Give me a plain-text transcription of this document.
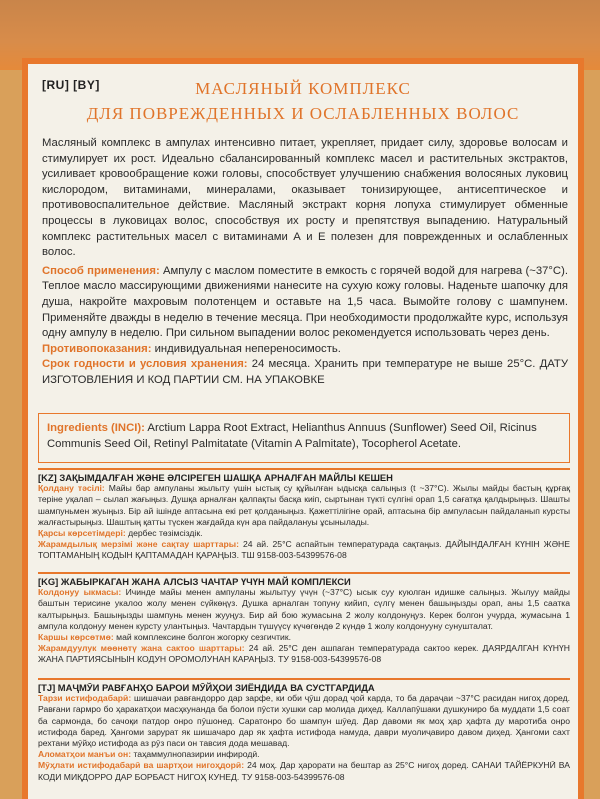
[RU] [BY]	МАСЛЯНЫЙ КОМПЛЕКС
ДЛЯ ПОВРЕЖДЕННЫХ И ОСЛАБЛЕННЫХ ВОЛОС

Масляный комплекс в ампулах интенсивно питает, укрепляет, придает силу, здоровье волосам и стимулирует их рост. Идеально сбалансированный комплекс масел и растительных экстрактов, усиливает кровообращение кожи головы, способствует улучшению снабжения волосяных луковиц кислородом, витаминами, минералами, оказывает тонизирующее, антисептическое и противовоспалительное действие. Масляный экстракт корня лопуха стимулирует обменные процессы в луковицах волос, способствуя их росту и препятствуя выпадению. Натуральный комплекс растительных масел с витаминами А и Е полезен для поврежденных и ослабленных волос.

Способ применения: Ампулу с маслом поместите в емкость с горячей водой для нагрева (~37°С). Теплое масло массирующими движениями нанесите на сухую кожу головы. Наденьте шапочку для душа, накройте махровым полотенцем и оставьте на 1,5 часа. Вымойте голову с шампунем. Применяйте дважды в неделю в течение месяца. При необходимости продолжайте курс, используя одну ампулу в неделю. При сильном выпадении волос рекомендуется использовать через день.

Противопоказания: индивидуальная непереносимость.

Срок годности и условия хранения: 24 месяца. Хранить при температуре не выше 25°С. ДАТУ ИЗГОТОВЛЕНИЯ И КОД ПАРТИИ СМ. НА УПАКОВКЕ

Ingredients (INCI): Arctium Lappa Root Extract, Helianthus Annuus (Sunflower) Seed Oil, Ricinus Communis Seed Oil, Retinyl Palmitatate (Vitamin A Palmitate), Tocopherol Acetate.

[KZ] ЗАҚЫМДАЛҒАН ЖӘНЕ ӘЛСІРЕГЕН ШАШҚА АРНАЛҒАН МАЙЛЫ КЕШЕН

Қолдану тәсілі: Майы бар ампуланы жылыту үшін ыстық су құйылған ыдысқа салыңыз (t ~37°С). Жылы майды бастың құрғақ теріне уқалап – сылап жағыңыз. Душқа арналған қалпақты басқа киіп, сыртынан түкті сүлгіні орап 1,5 сағатқа қалдырыңыз. Шашты шампуньмен жуыңыз. Бір ай ішінде аптасына екі рет қолданыңыз. Қажеттілігіне орай, аптасына бір ампуласын пайдаланып курсты жалғастырыңыз. Шаштың қатты түскен жағдайда күн ара пайдалануы ұсынылады.

Қарсы көрсетімдері: дербес төзімсіздік.

Жарамдылық мерзімі және сақтау шарттары: 24 ай. 25°С аспайтын температурада сақтаңыз. ДАЙЫНДАЛҒАН КҮНІН ЖӘНЕ ТОПТАМАНЫҢ КОДЫН ҚАПТАМАДАН ҚАРАҢЫЗ. ТШ 9158-003-54399576-08

[KG] ЖАБЫРКАГАН ЖАНА АЛСЫЗ ЧАЧТАР ҮЧҮН МАЙ КОМПЛЕКСИ

Колдонуу ыкмасы: Ичинде майы менен ампуланы жылытуу үчүн (~37°С) ысык суу куюлган идишке салыңыз. Жылуу майды баштын терисине укалоо жолу менен сүйкөңүз. Душка арналган топуну кийип, сүлгү менен башыңызды орап, аны 1,5 саатка калтырыңыз. Башыңызды шампунь менен жууңуз. Бир ай бою жумасына 2 жолу колдонуңуз. Керек болгон учурда, жумасына 1 ампула колдонуу менен курсту улантыңыз. Чачтардын түшүүсү күчөгөндө 2 күндө 1 жолу колдонууну сунушталат.

Каршы көрсөтмө: май комплексине болгон жогорку сезгичтик.

Жарамдуулук мөөнөтү жана сактоо шарттары: 24 ай. 25°С ден ашпаган температурада сактоо керек. ДАЯРДАЛГАН КҮНҮН ЖАНА ПАРТИЯСЫНЫН КОДУН ОРОМОЛУНАН КАРАҢЫЗ. ТУ 9158-003-54399576-08

[TJ] МАҶМӮИ РАВҒАНҲО БАРОИ МӮЙҲОИ ЗИЁНДИДА ВА СУСТГАРДИДА

Тарзи истифодабарӣ: шишачаи равғандорро дар зарфе, ки оби ҷӯш дорад ҷой карда, то ба дараҷаи ~37°С расидан нигоҳ доред. Равғани гармро бо ҳаракатҳои масҳкунанда ба болои пӯсти хушки сар молида диҳед. Каллапӯшаки душкуниро ба муддати 1,5 соат ба сармонда, бо сачоқи патдор онро пӯшонед. Саратонро бо шампун шӯед. Дар давоми як моҳ ҳар ҳафта ду маротиба онро истифода баред. Ҳангоми зарурат як шишачаро дар як ҳафта истифода намуда, даври муолиҷавиро давом диҳед. Ҳангоми саxт рехтани мӯйҳо истифода аз рӯз паси он тавсия дода мешавад.

Аломатҳои манъи он: таҳаммулнопазирии инфиродӣ.

Мӯҳлати истифодабарӣ ва шартҳои нигоҳдорӣ: 24 моҳ. Дар ҳарорати на бештар аз 25°С нигоҳ доред. САНАИ ТАЙЁРКУНӢ ВА КОДИ МИҚДОРРО ДАР БОРБАСТ НИГОҲ КУНЕД. ТУ 9158-003-54399576-08
